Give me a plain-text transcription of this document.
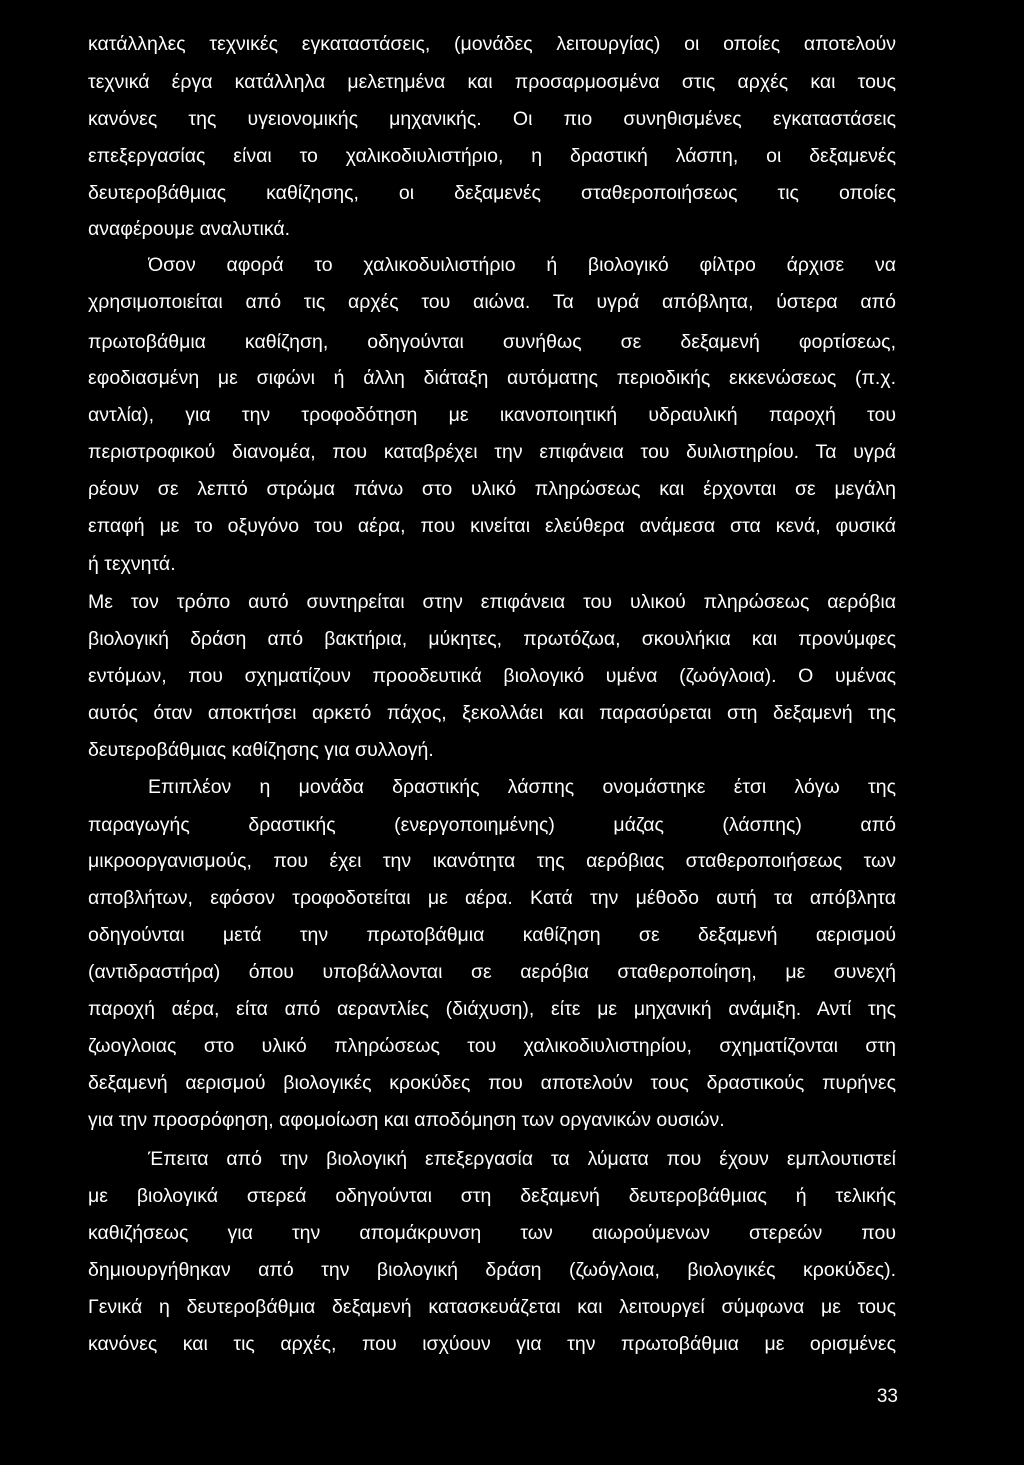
κατάλληλες τεχνικές εγκαταστάσεις, (μονάδες λειτουργίας) οι οποίες αποτελούν
τεχνικά έργα κατάλληλα μελετημένα και προσαρμοσμένα στις αρχές και τους
κανόνες της υγειονομικής μηχανικής. Οι πιο συνηθισμένες εγκαταστάσεις
επεξεργασίας είναι το χαλικοδιυλιστήριο, η δραστική λάσπη, οι δεξαμενές
δευτεροβάθμιας καθίζησης, οι δεξαμενές σταθεροποιήσεως τις οποίες
αναφέρουμε αναλυτικά.
Όσον αφορά το χαλικοδυιλιστήριο ή βιολογικό φίλτρο άρχισε να
χρησιμοποιείται από τις αρχές του αιώνα. Τα υγρά απόβλητα, ύστερα από
πρωτοβάθμια καθίζηση, οδηγούνται συνήθως σε δεξαμενή φορτίσεως,
εφοδιασμένη με σιφώνι ή άλλη διάταξη αυτόματης περιοδικής εκκενώσεως (π.χ.
αντλία), για την τροφοδότηση με ικανοποιητική υδραυλική παροχή του
περιστροφικού διανομέα, που καταβρέχει την επιφάνεια του δυιλιστηρίου. Τα υγρά
ρέουν σε λεπτό στρώμα πάνω στο υλικό πληρώσεως και έρχονται σε μεγάλη
επαφή με το οξυγόνο του αέρα, που κινείται ελεύθερα ανάμεσα στα κενά, φυσικά
ή τεχνητά.
Με τον τρόπο αυτό συντηρείται στην επιφάνεια του υλικού πληρώσεως αερόβια
βιολογική δράση από βακτήρια, μύκητες, πρωτόζωα, σκουλήκια και προνύμφες
εντόμων, που σχηματίζουν προοδευτικά βιολογικό υμένα (ζωόγλοια). Ο υμένας
αυτός όταν αποκτήσει αρκετό πάχος, ξεκολλάει και παρασύρεται στη δεξαμενή της
δευτεροβάθμιας καθίζησης για συλλογή.
Επιπλέον η μονάδα δραστικής λάσπης ονομάστηκε έτσι λόγω της
παραγωγής δραστικής (ενεργοποιημένης) μάζας (λάσπης) από
μικροοργανισμούς, που έχει την ικανότητα της αερόβιας σταθεροποιήσεως των
αποβλήτων, εφόσον τροφοδοτείται με αέρα. Κατά την μέθοδο αυτή τα απόβλητα
οδηγούνται μετά την πρωτοβάθμια καθίζηση σε δεξαμενή αερισμού
(αντιδραστήρα) όπου υποβάλλονται σε αερόβια σταθεροποίηση, με συνεχή
παροχή αέρα, είτα από αεραντλίες (διάχυση), είτε με μηχανική ανάμιξη. Αντί της
ζωογλοιας στο υλικό πληρώσεως του χαλικοδιυλιστηρίου, σχηματίζονται στη
δεξαμενή αερισμού βιολογικές κροκύδες που αποτελούν τους δραστικούς πυρήνες
για την προσρόφηση, αφομοίωση και αποδόμηση των οργανικών ουσιών.
Έπειτα από την βιολογική επεξεργασία τα λύματα που έχουν εμπλουτιστεί
με βιολογικά στερεά οδηγούνται στη δεξαμενή δευτεροβάθμιας ή τελικής
καθιζήσεως για την απομάκρυνση των αιωρούμενων στερεών που
δημιουργήθηκαν από την βιολογική δράση (ζωόγλοια, βιολογικές κροκύδες).
Γενικά η δευτεροβάθμια δεξαμενή κατασκευάζεται και λειτουργεί σύμφωνα με τους
κανόνες και τις αρχές, που ισχύουν για την πρωτοβάθμια με ορισμένες
33
